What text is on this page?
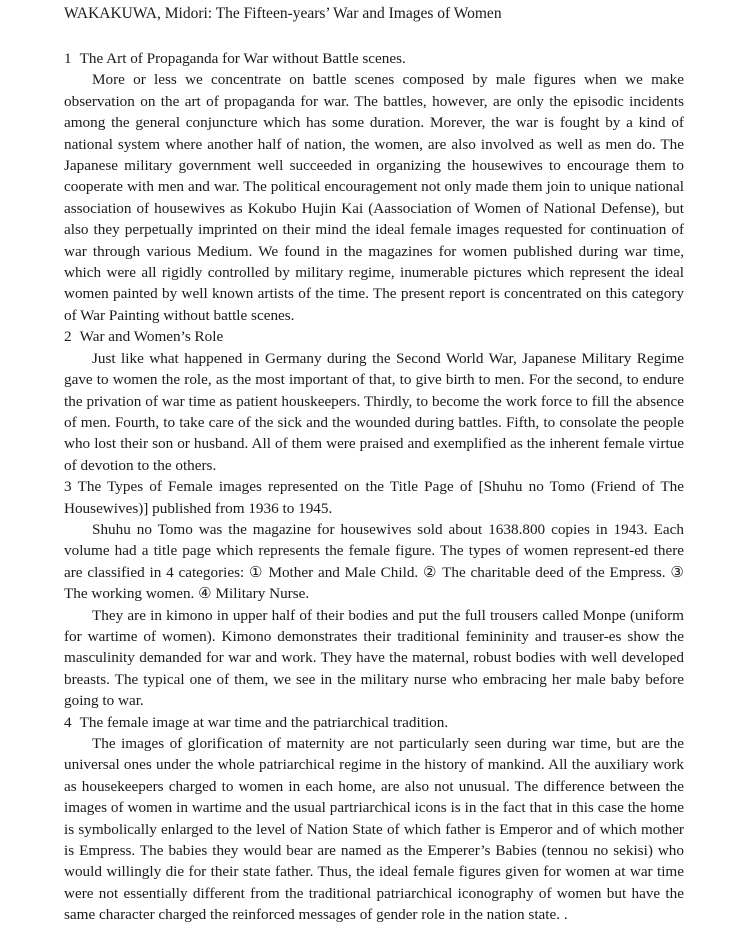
WAKAKUWA, Midori: The Fifteen-years’ War and Images of Women
1 The Art of Propaganda for War without Battle scenes.

More or less we concentrate on battle scenes composed by male figures when we make observation on the art of propaganda for war. The battles, however, are only the episodic incidents among the general conjuncture which has some duration. Morever, the war is fought by a kind of national system where another half of nation, the women, are also involved as well as men do. The Japanese military government well succeeded in organizing the housewives to encourage them to cooperate with men and war. The political encouragement not only made them join to unique national association of housewives as Kokubo Hujin Kai (Aassociation of Women of National Defense), but also they perpetually imprinted on their mind the ideal female images requested for continuation of war through various Medium. We found in the magazines for women published during war time, which were all rigidly controlled by military regime, inumerable pictures which represent the ideal women painted by well known artists of the time. The present report is concentrated on this category of War Painting without battle scenes.

2 War and Women’s Role

Just like what happened in Germany during the Second World War, Japanese Military Regime gave to women the role, as the most important of that, to give birth to men. For the second, to endure the privation of war time as patient houskeepers. Thirdly, to become the work force to fill the absence of men. Fourth, to take care of the sick and the wounded during battles. Fifth, to consolate the people who lost their son or husband. All of them were praised and exemplified as the inherent female virtue of devotion to the others.

3 The Types of Female images represented on the Title Page of [Shuhu no Tomo (Friend of The Housewives)] published from 1936 to 1945.

Shuhu no Tomo was the magazine for housewives sold about 1638.800 copies in 1943. Each volume had a title page which represents the female figure. The types of women represent-ed there are classified in 4 categories: ① Mother and Male Child. ② The charitable deed of the Empress. ③ The working women. ④ Military Nurse.

They are in kimono in upper half of their bodies and put the full trousers called Monpe (uniform for wartime of women). Kimono demonstrates their traditional femininity and trauser-es show the masculinity demanded for war and work. They have the maternal, robust bodies with well developed breasts. The typical one of them, we see in the military nurse who embracing her male baby before going to war.

4 The female image at war time and the patriarchical tradition.

The images of glorification of maternity are not particularly seen during war time, but are the universal ones under the whole patriarchical regime in the history of mankind. All the auxiliary work as housekeepers charged to women in each home, are also not unusual. The difference between the images of women in wartime and the usual partriarchical icons is in the fact that in this case the home is symbolically enlarged to the level of Nation State of which father is Emperor and of which mother is Empress. The babies they would bear are named as the Emperer’s Babies (tennou no sekisi) who would willingly die for their state father. Thus, the ideal female figures given for women at war time were not essentially different from the traditional patriarchical iconography of women but have the same character charged the reinforced messages of gender role in the nation state. .
